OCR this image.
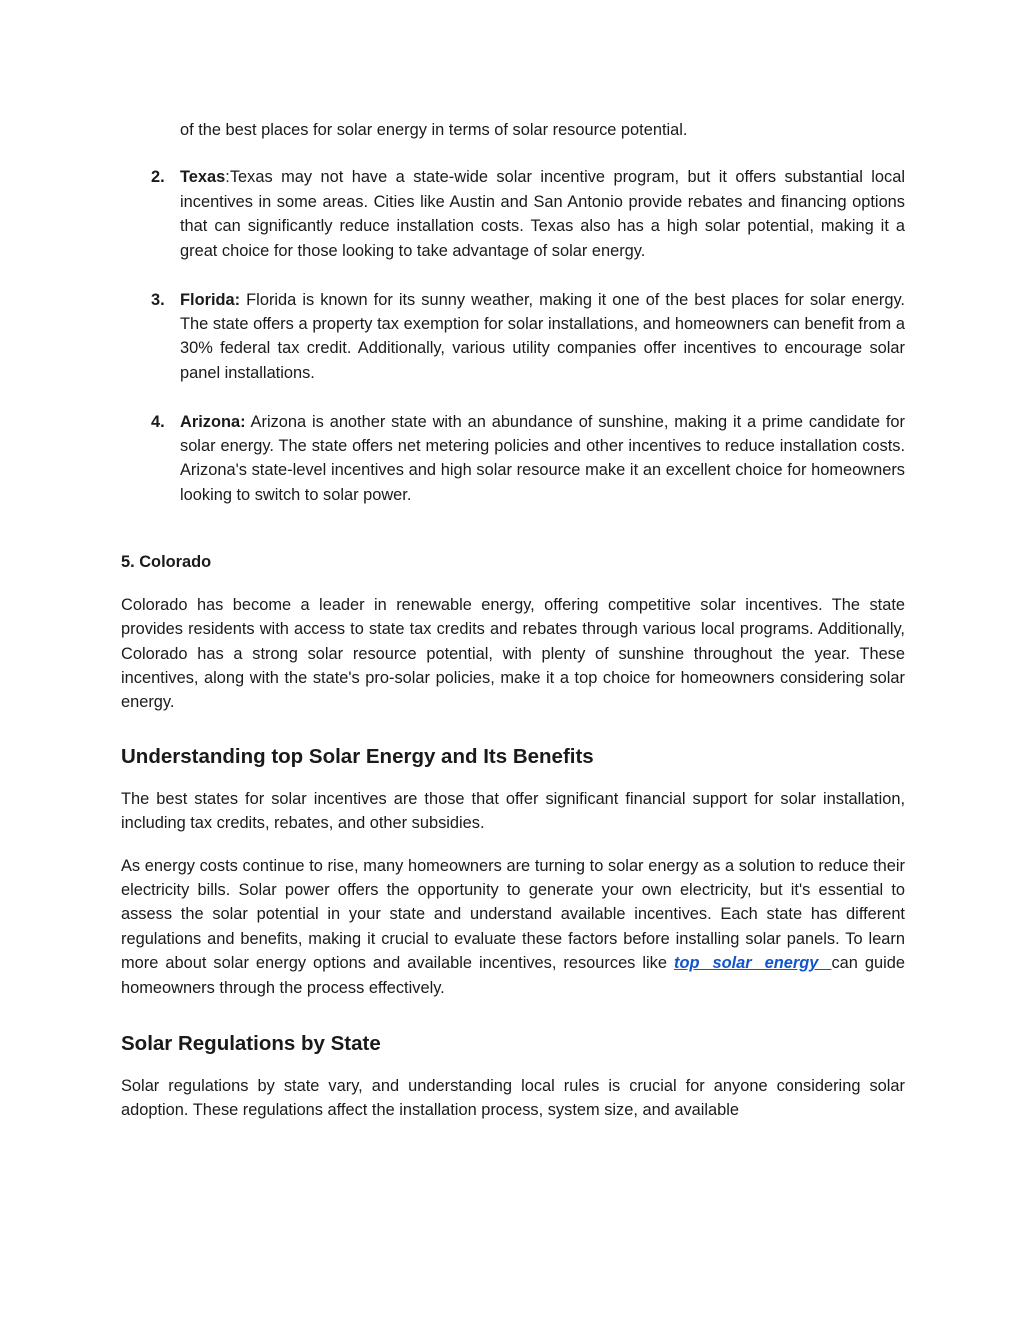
of the best places for solar energy in terms of solar resource potential.

2. Texas:Texas may not have a state-wide solar incentive program, but it offers substantial local incentives in some areas. Cities like Austin and San Antonio provide rebates and financing options that can significantly reduce installation costs. Texas also has a high solar potential, making it a great choice for those looking to take advantage of solar energy.
3. Florida: Florida is known for its sunny weather, making it one of the best places for solar energy. The state offers a property tax exemption for solar installations, and homeowners can benefit from a 30% federal tax credit. Additionally, various utility companies offer incentives to encourage solar panel installations.
4. Arizona: Arizona is another state with an abundance of sunshine, making it a prime candidate for solar energy. The state offers net metering policies and other incentives to reduce installation costs. Arizona's state-level incentives and high solar resource make it an excellent choice for homeowners looking to switch to solar power.

5. Colorado

Colorado has become a leader in renewable energy, offering competitive solar incentives. The state provides residents with access to state tax credits and rebates through various local programs. Additionally, Colorado has a strong solar resource potential, with plenty of sunshine throughout the year. These incentives, along with the state's pro-solar policies, make it a top choice for homeowners considering solar energy.

Understanding top Solar Energy and Its Benefits

The best states for solar incentives are those that offer significant financial support for solar installation, including tax credits, rebates, and other subsidies.

As energy costs continue to rise, many homeowners are turning to solar energy as a solution to reduce their electricity bills. Solar power offers the opportunity to generate your own electricity, but it's essential to assess the solar potential in your state and understand available incentives. Each state has different regulations and benefits, making it crucial to evaluate these factors before installing solar panels. To learn more about solar energy options and available incentives, resources like top solar energy can guide homeowners through the process effectively.

Solar Regulations by State

Solar regulations by state vary, and understanding local rules is crucial for anyone considering solar adoption. These regulations affect the installation process, system size, and available
